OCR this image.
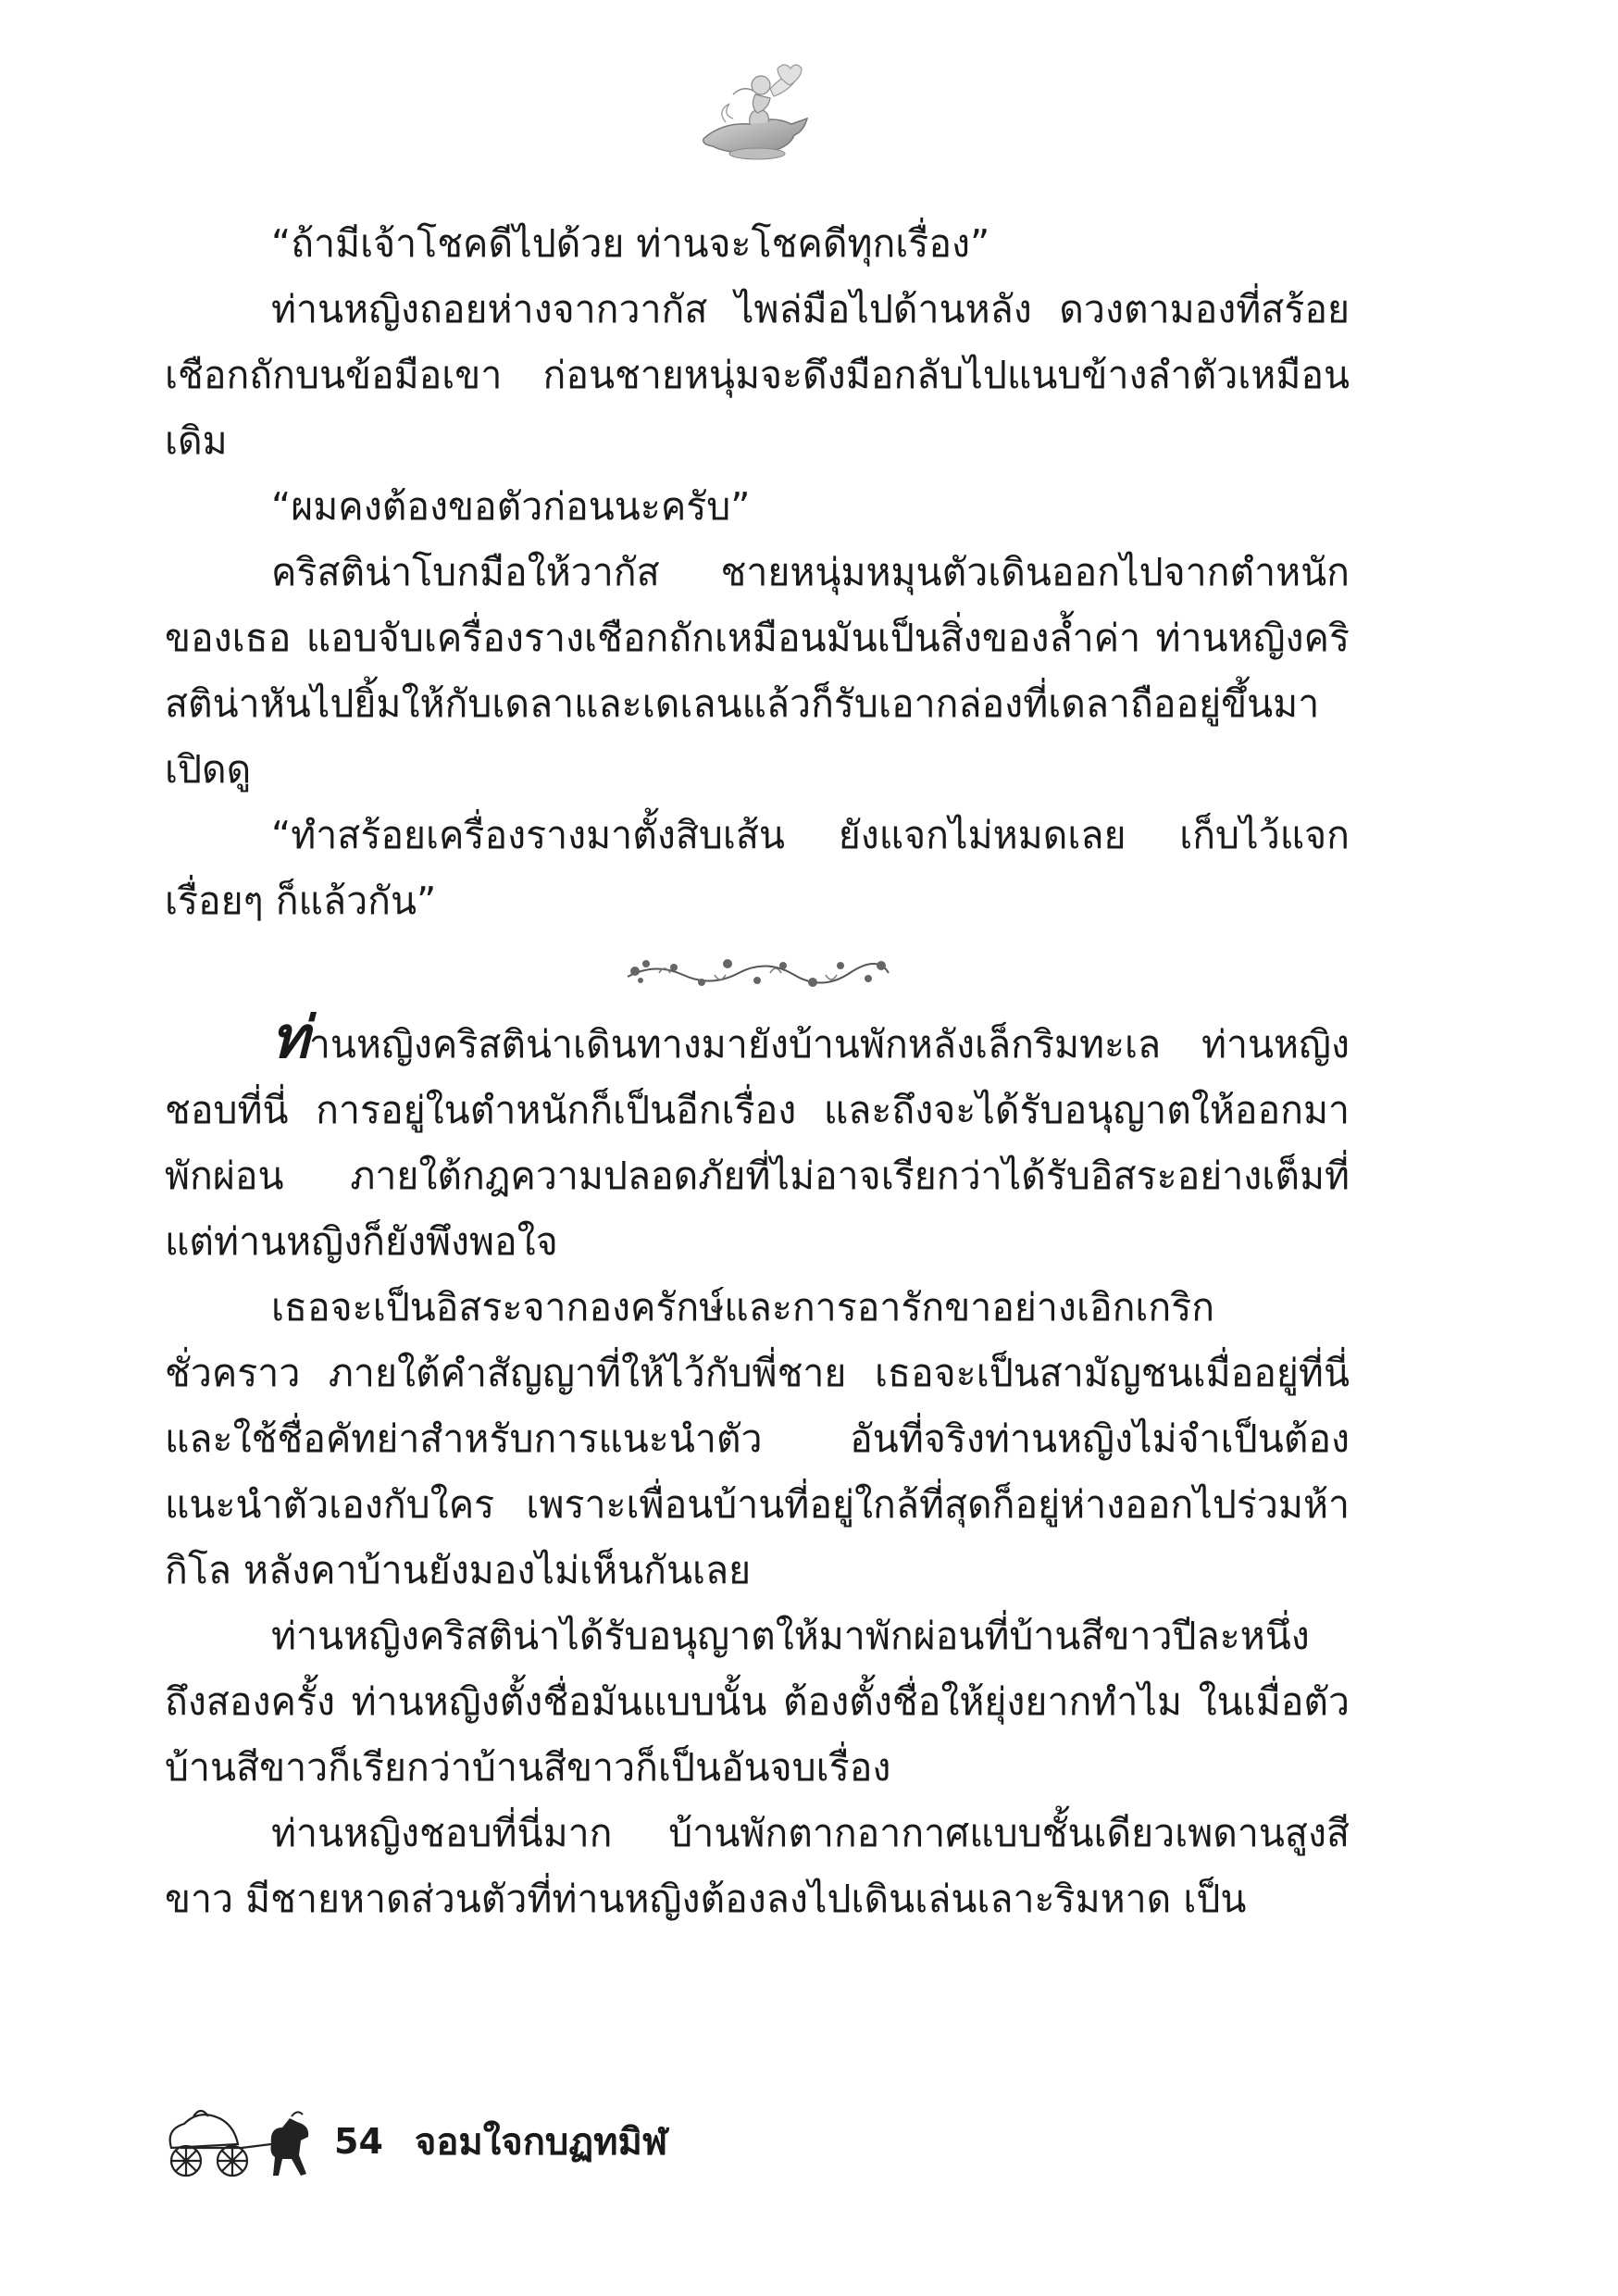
“ถ้ามีเจ้าโชคดีไปด้วย ท่านจะโชคดีทุกเรื่อง”

ท่านหญิงถอยห่างจากวากัส ไพล่มือไปด้านหลัง ดวงตามองที่สร้อยเชือกถักบนข้อมือเขา ก่อนชายหนุ่มจะดึงมือกลับไปแนบข้างลำตัวเหมือนเดิม

“ผมคงต้องขอตัวก่อนนะครับ”

คริสติน่าโบกมือให้วากัส ชายหนุ่มหมุนตัวเดินออกไปจากตำหนักของเธอ แอบจับเครื่องรางเชือกถักเหมือนมันเป็นสิ่งของล้ำค่า ท่านหญิงคริสติน่าหันไปยิ้มให้กับเดลาและเดเลนแล้วก็รับเอากล่องที่เดลาถืออยู่ขึ้นมาเปิดดู

“ทำสร้อยเครื่องรางมาตั้งสิบเส้น ยังแจกไม่หมดเลย เก็บไว้แจกเรื่อยๆ ก็แล้วกัน”

ท่านหญิงคริสติน่าเดินทางมายังบ้านพักหลังเล็กริมทะเล ท่านหญิงชอบที่นี่ การอยู่ในตำหนักก็เป็นอีกเรื่อง และถึงจะได้รับอนุญาตให้ออกมาพักผ่อน ภายใต้กฎความปลอดภัยที่ไม่อาจเรียกว่าได้รับอิสระอย่างเต็มที่ แต่ท่านหญิงก็ยังพึงพอใจ

เธอจะเป็นอิสระจากองครักษ์และการอารักขาอย่างเอิกเกริกชั่วคราว ภายใต้คำสัญญาที่ให้ไว้กับพี่ชาย เธอจะเป็นสามัญชนเมื่ออยู่ที่นี่ และใช้ชื่อคัทย่าสำหรับการแนะนำตัว อันที่จริงท่านหญิงไม่จำเป็นต้องแนะนำตัวเองกับใคร เพราะเพื่อนบ้านที่อยู่ใกล้ที่สุดก็อยู่ห่างออกไปร่วมห้ากิโล หลังคาบ้านยังมองไม่เห็นกันเลย

ท่านหญิงคริสติน่าได้รับอนุญาตให้มาพักผ่อนที่บ้านสีขาวปีละหนึ่งถึงสองครั้ง ท่านหญิงตั้งชื่อมันแบบนั้น ต้องตั้งชื่อให้ยุ่งยากทำไม ในเมื่อตัวบ้านสีขาวก็เรียกว่าบ้านสีขาวก็เป็นอันจบเรื่อง

ท่านหญิงชอบที่นี่มาก บ้านพักตากอากาศแบบชั้นเดียวเพดานสูงสีขาว มีชายหาดส่วนตัวที่ท่านหญิงต้องลงไปเดินเล่นเลาะริมหาด เป็น

54 จอมใจกบฏทมิฬ
